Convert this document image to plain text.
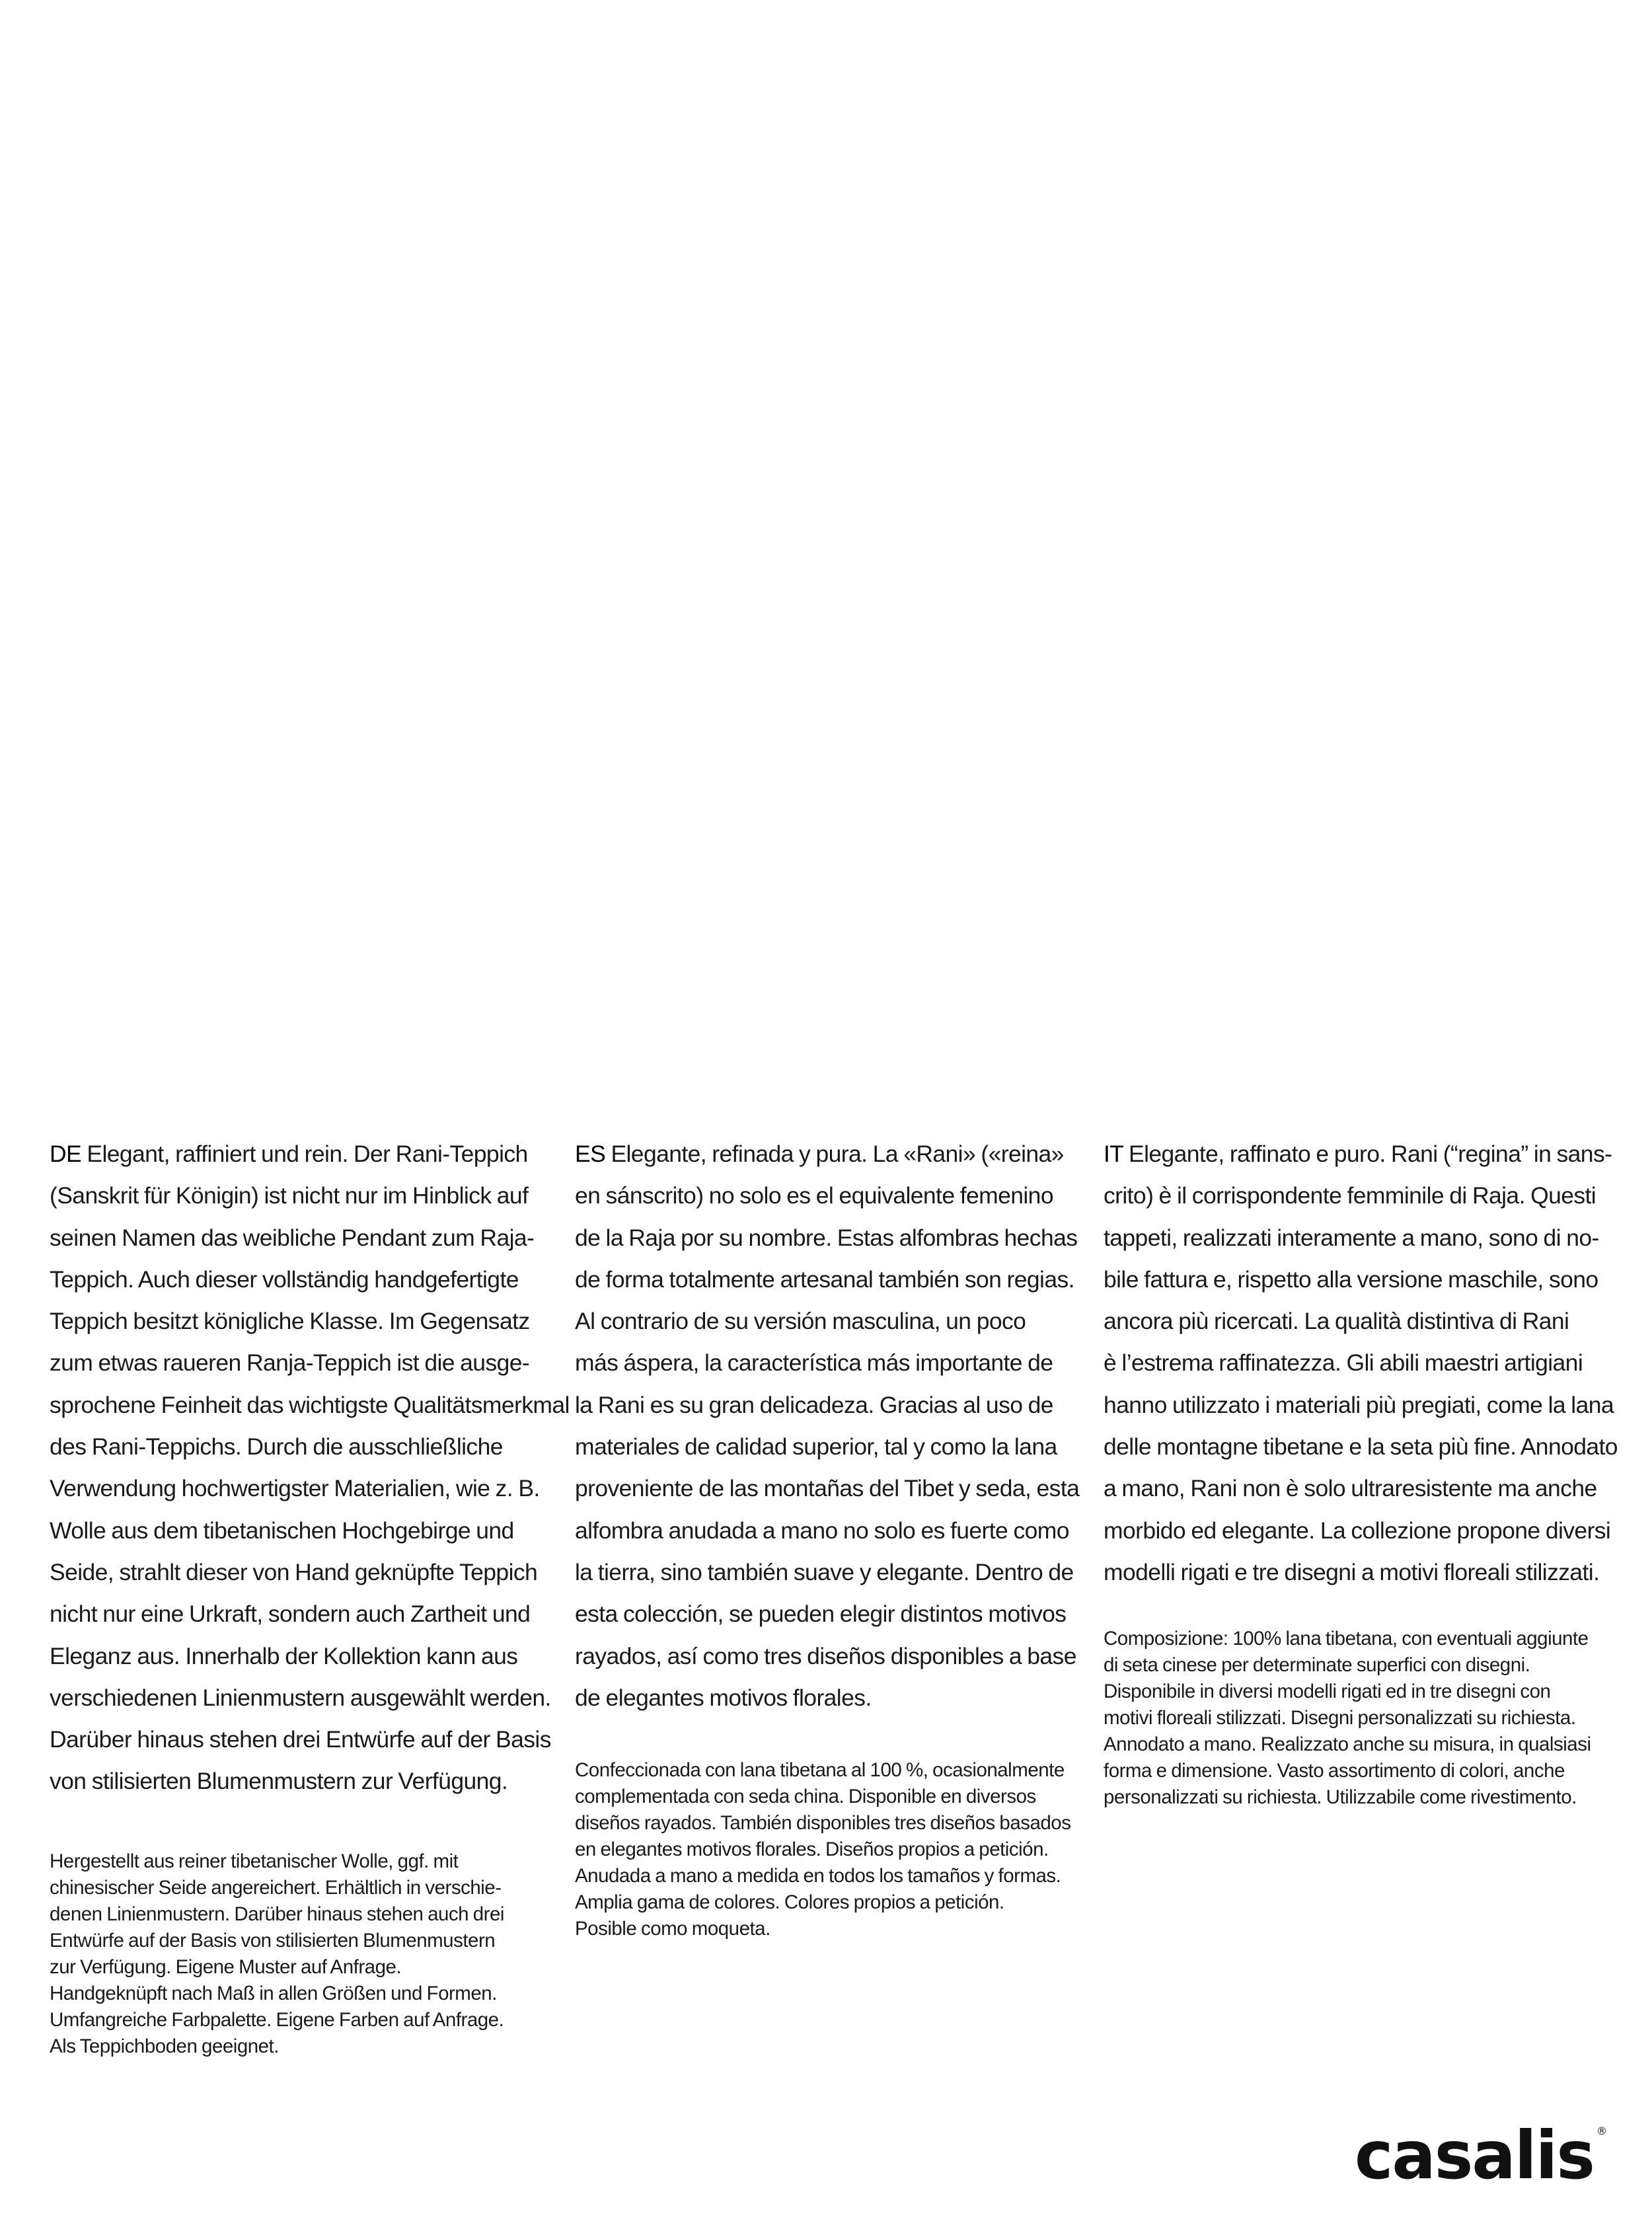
DE Elegant, raffiniert und rein. Der Rani-Teppich
(Sanskrit für Königin) ist nicht nur im Hinblick auf
seinen Namen das weibliche Pendant zum Raja-
Teppich. Auch dieser vollständig handgefertigte
Teppich besitzt königliche Klasse. Im Gegensatz
zum etwas raueren Ranja-Teppich ist die ausge-
sprochene Feinheit das wichtigste Qualitätsmerkmal
des Rani-Teppichs. Durch die ausschließliche
Verwendung hochwertigster Materialien, wie z. B.
Wolle aus dem tibetanischen Hochgebirge und
Seide, strahlt dieser von Hand geknüpfte Teppich
nicht nur eine Urkraft, sondern auch Zartheit und
Eleganz aus. Innerhalb der Kollektion kann aus
verschiedenen Linienmustern ausgewählt werden.
Darüber hinaus stehen drei Entwürfe auf der Basis
von stilisierten Blumenmustern zur Verfügung.

Hergestellt aus reiner tibetanischer Wolle, ggf. mit
chinesischer Seide angereichert. Erhältlich in verschie-
denen Linienmustern. Darüber hinaus stehen auch drei
Entwürfe auf der Basis von stilisierten Blumenmustern
zur Verfügung. Eigene Muster auf Anfrage.
Handgeknüpft nach Maß in allen Größen und Formen.
Umfangreiche Farbpalette. Eigene Farben auf Anfrage.
Als Teppichboden geeignet.

ES Elegante, refinada y pura. La «Rani» («reina»
en sánscrito) no solo es el equivalente femenino
de la Raja por su nombre. Estas alfombras hechas
de forma totalmente artesanal también son regias.
Al contrario de su versión masculina, un poco
más áspera, la característica más importante de
la Rani es su gran delicadeza. Gracias al uso de
materiales de calidad superior, tal y como la lana
proveniente de las montañas del Tibet y seda, esta
alfombra anudada a mano no solo es fuerte como
la tierra, sino también suave y elegante. Dentro de
esta colección, se pueden elegir distintos motivos
rayados, así como tres diseños disponibles a base
de elegantes motivos florales.

Confeccionada con lana tibetana al 100 %, ocasionalmente
complementada con seda china. Disponible en diversos
diseños rayados. También disponibles tres diseños basados
en elegantes motivos florales. Diseños propios a petición.
Anudada a mano a medida en todos los tamaños y formas.
Amplia gama de colores. Colores propios a petición.
Posible como moqueta.

IT Elegante, raffinato e puro. Rani (“regina” in sans-
crito) è il corrispondente femminile di Raja. Questi
tappeti, realizzati interamente a mano, sono di no-
bile fattura e, rispetto alla versione maschile, sono
ancora più ricercati. La qualità distintiva di Rani
è l’estrema raffinatezza. Gli abili maestri artigiani
hanno utilizzato i materiali più pregiati, come la lana
delle montagne tibetane e la seta più fine. Annodato
a mano, Rani non è solo ultraresistente ma anche
morbido ed elegante. La collezione propone diversi
modelli rigati e tre disegni a motivi floreali stilizzati.

Composizione: 100% lana tibetana, con eventuali aggiunte
di seta cinese per determinate superfici con disegni.
Disponibile in diversi modelli rigati ed in tre disegni con
motivi floreali stilizzati. Disegni personalizzati su richiesta.
Annodato a mano. Realizzato anche su misura, in qualsiasi
forma e dimensione. Vasto assortimento di colori, anche
personalizzati su richiesta. Utilizzabile come rivestimento.

casalis ®
